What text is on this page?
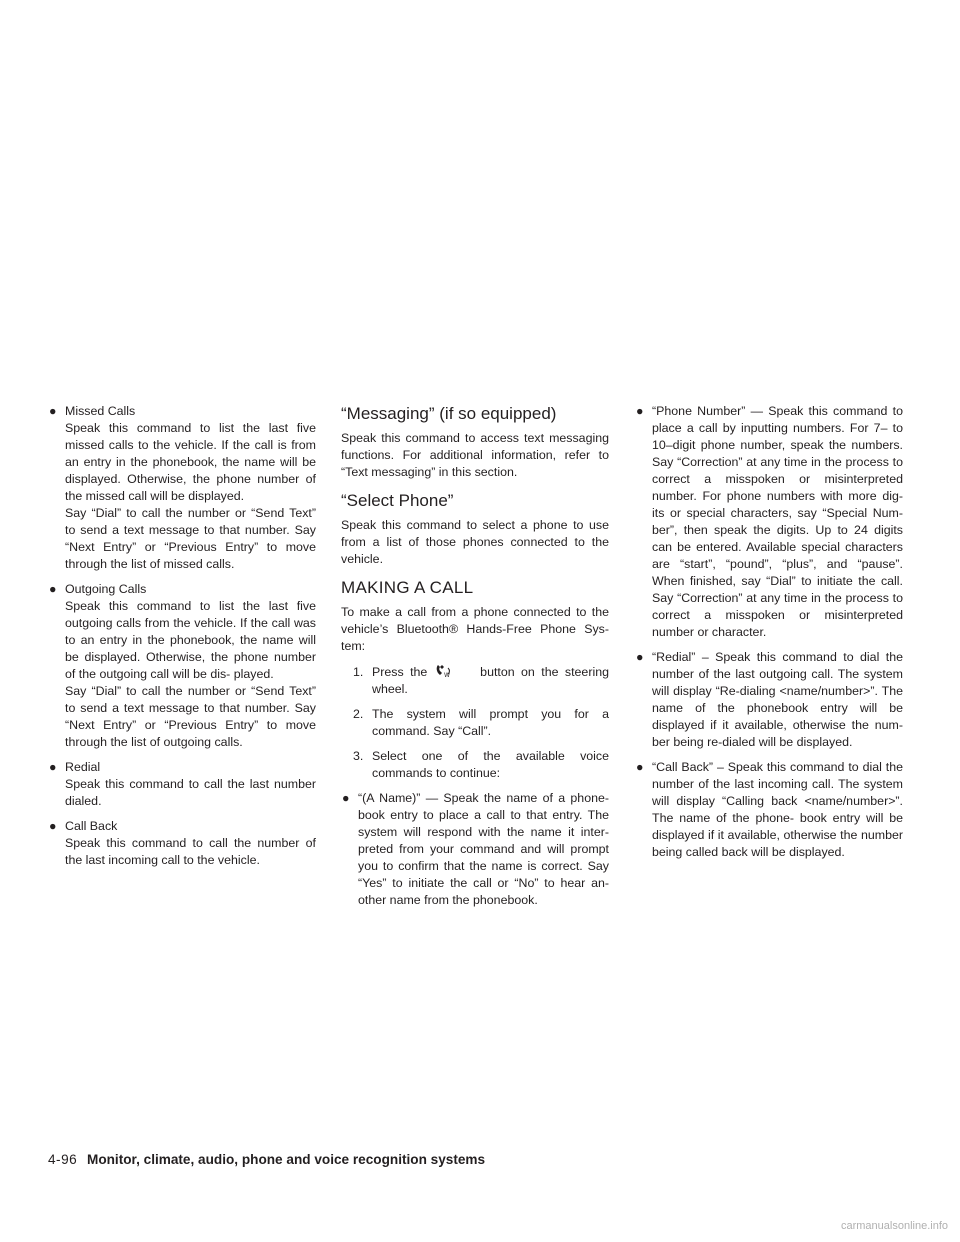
● Missed Calls
Speak this command to list the last five missed calls to the vehicle. If the call is from an entry in the phonebook, the name will be displayed. Otherwise, the phone number of the missed call will be displayed.
Say “Dial” to call the number or “Send Text” to send a text message to that number. Say “Next Entry” or “Previous Entry” to move through the list of missed calls.
● Outgoing Calls
Speak this command to list the last five outgoing calls from the vehicle. If the call was to an entry in the phonebook, the name will be displayed. Otherwise, the phone number of the outgoing call will be dis- played.
Say “Dial” to call the number or “Send Text” to send a text message to that number. Say “Next Entry” or “Previous Entry” to move through the list of outgoing calls.
● Redial
Speak this command to call the last number dialed.
● Call Back
Speak this command to call the number of the last incoming call to the vehicle.
“Messaging” (if so equipped)

Speak this command to access text messaging functions. For additional information, refer to “Text messaging” in this section.

“Select Phone”

Speak this command to select a phone to use from a list of those phones connected to the vehicle.

MAKING A CALL

To make a call from a phone connected to the vehicle’s Bluetooth® Hands-Free Phone Sys- tem:

1. Press the	W button on the steering wheel.
2. The system will prompt you for a command. Say “Call”.
3. Select one of the available voice commands to continue:
● “(A Name)” — Speak the name of a phone- book entry to place a call to that entry. The system will respond with the name it inter- preted from your command and will prompt you to confirm that the name is correct. Say “Yes” to initiate the call or “No” to hear an- other name from the phonebook.
● “Phone Number” — Speak this command to place a call by inputting numbers. For 7– to 10–digit phone number, speak the numbers. Say “Correction” at any time in the process to correct a misspoken or misinterpreted number. For phone numbers with more dig- its or special characters, say “Special Num- ber”, then speak the digits. Up to 24 digits can be entered. Available special characters are “start”, “pound”, “plus”, and “pause”. When finished, say “Dial” to initiate the call. Say “Correction” at any time in the process to correct a misspoken or misinterpreted number or character.
● “Redial” – Speak this command to dial the number of the last outgoing call. The system will display “Re-dialing <name/number>”. The name of the phonebook entry will be displayed if it available, otherwise the num- ber being re-dialed will be displayed.
● “Call Back” – Speak this command to dial the number of the last incoming call. The system will display “Calling back <name/number>”. The name of the phone- book entry will be displayed if it available, otherwise the number being called back will be displayed.
4-96 Monitor, climate, audio, phone and voice recognition systems
carmanualsonline.info
